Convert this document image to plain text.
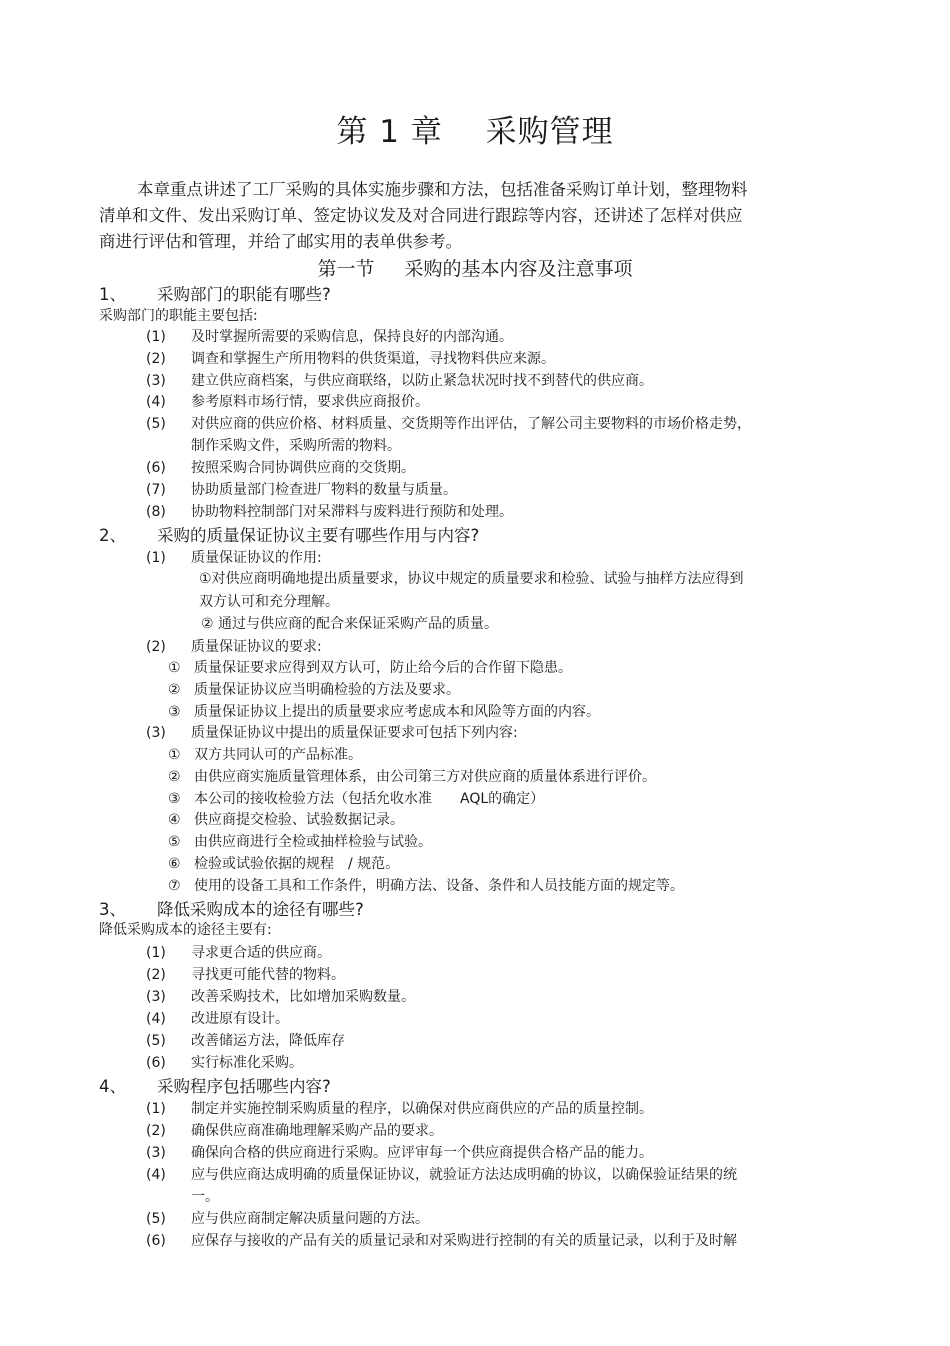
第 1 章　 采购管理

本章重点讲述了工厂采购的具体实施步骤和方法，包括准备采购订单计划，整理物料
清单和文件、发出采购订单、签定协议发及对合同进行跟踪等内容，还讲述了怎样对供应
商进行评估和管理，并给了邮实用的表单供参考。

第一节 采购的基本内容及注意事项
1、 采购部门的职能有哪些?
采购部门的职能主要包括:
(1) 及时掌握所需要的采购信息，保持良好的内部沟通。
(2) 调查和掌握生产所用物料的供货渠道，寻找物料供应来源。
(3) 建立供应商档案，与供应商联络，以防止紧急状况时找不到替代的供应商。
(4) 参考原料市场行情，要求供应商报价。
(5) 对供应商的供应价格、材料质量、交货期等作出评估，了解公司主要物料的市场价格走势，
制作采购文件，采购所需的物料。
(6) 按照采购合同协调供应商的交货期。
(7) 协助质量部门检查进厂物料的数量与质量。
(8) 协助物料控制部门对呆滞料与废料进行预防和处理。
2、 采购的质量保证协议主要有哪些作用与内容?
(1) 质量保证协议的作用:
①对供应商明确地提出质量要求，协议中规定的质量要求和检验、试验与抽样方法应得到
双方认可和充分理解。
② 通过与供应商的配合来保证采购产品的质量。
(2) 质量保证协议的要求:
① 质量保证要求应得到双方认可，防止给今后的合作留下隐患。
② 质量保证协议应当明确检验的方法及要求。
③ 质量保证协议上提出的质量要求应考虑成本和风险等方面的内容。
(3) 质量保证协议中提出的质量保证要求可包括下列内容:
① 双方共同认可的产品标准。
② 由供应商实施质量管理体系，由公司第三方对供应商的质量体系进行评价。
③ 本公司的接收检验方法（包括允收水准　　AQL的确定）
④ 供应商提交检验、试验数据记录。
⑤ 由供应商进行全检或抽样检验与试验。
⑥ 检验或试验依据的规程　/ 规范。
⑦ 使用的设备工具和工作条件，明确方法、设备、条件和人员技能方面的规定等。
3、 降低采购成本的途径有哪些?
降低采购成本的途径主要有:
(1) 寻求更合适的供应商。
(2) 寻找更可能代替的物料。
(3) 改善采购技术，比如增加采购数量。
(4) 改进原有设计。
(5) 改善储运方法，降低库存
(6) 实行标准化采购。
4、 采购程序包括哪些内容?
(1) 制定并实施控制采购质量的程序，以确保对供应商供应的产品的质量控制。
(2) 确保供应商准确地理解采购产品的要求。
(3) 确保向合格的供应商进行采购。应评审每一个供应商提供合格产品的能力。
(4) 应与供应商达成明确的质量保证协议，就验证方法达成明确的协议，以确保验证结果的统
一。
(5) 应与供应商制定解决质量问题的方法。
(6) 应保存与接收的产品有关的质量记录和对采购进行控制的有关的质量记录，以利于及时解
